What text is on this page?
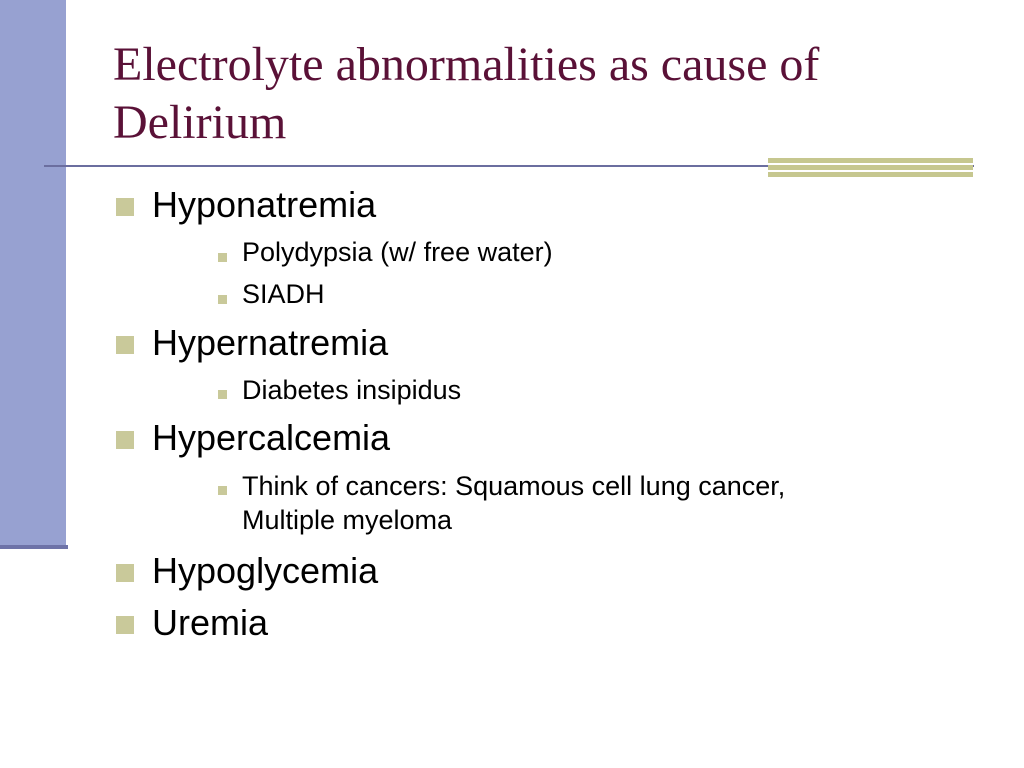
Electrolyte abnormalities as cause of Delirium
Hyponatremia
Polydypsia (w/ free water)
SIADH
Hypernatremia
Diabetes insipidus
Hypercalcemia
Think of cancers: Squamous cell lung cancer,
Multiple myeloma
Hypoglycemia
Uremia
